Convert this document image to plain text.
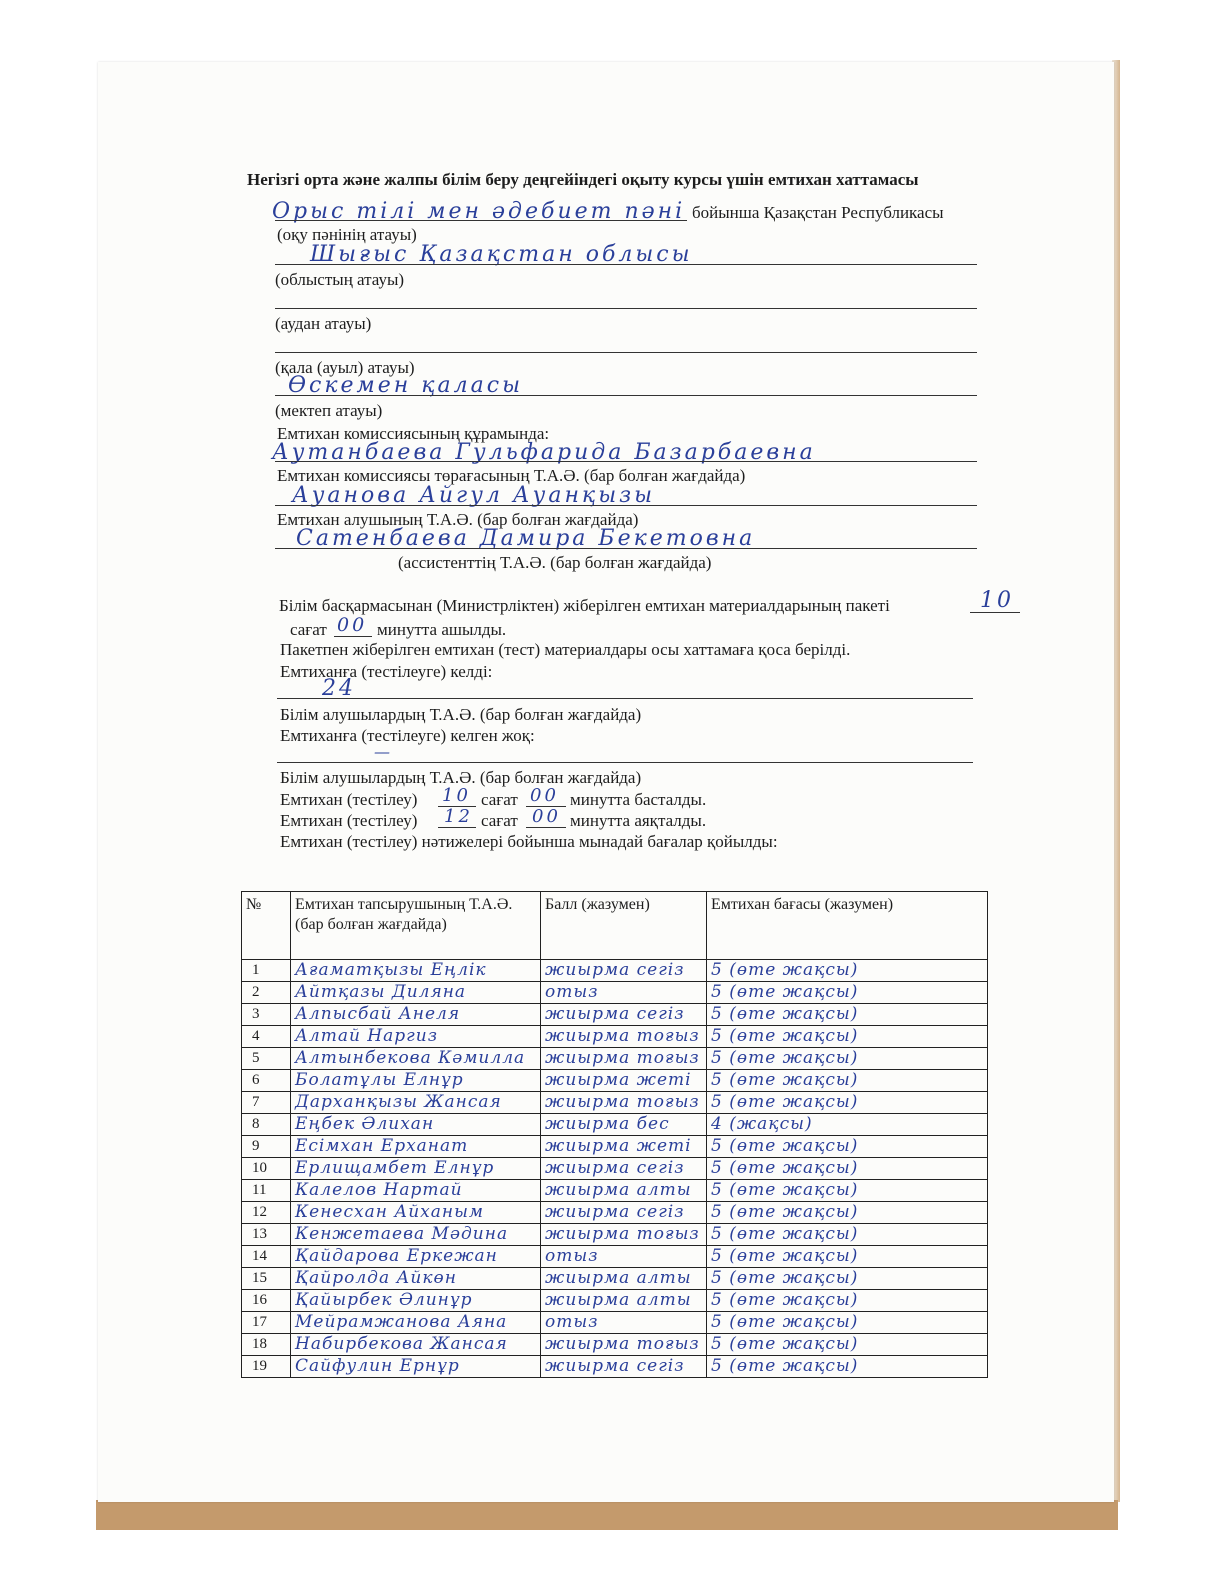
Негізгі орта және жалпы білім беру деңгейіндегі оқыту курсы үшін емтихан хаттамасы
Орыс тілі мен әдебиет пәні бойынша Қазақстан Республикасы
(оқу пәнінің атауы)
Шығыс Қазақстан облысы
(облыстың атауы)
(аудан атауы)
(қала (ауыл) атауы)
Өскемен қаласы
(мектеп атауы)
Емтихан комиссиясының құрамында:
Аутанбаева Гульфарида Базарбаевна
Емтихан комиссиясы төрағасының Т.А.Ә. (бар болған жағдайда)
Ауанова Айгул Ауанқызы
Емтихан алушының Т.А.Ә. (бар болған жағдайда)
Сатенбаева Дамира Бекетовна
(ассистенттің Т.А.Ә. (бар болған жағдайда)
Білім басқармасынан (Министрліктен) жіберілген емтихан материалдарының пакеті	10
сағат 00 минутта ашылды.
Пакетпен жіберілген емтихан (тест) материалдары осы хаттамаға қоса берілді.
Емтиханға (тестілеуге) келді:
24
Білім алушылардың Т.А.Ә. (бар болған жағдайда)
Емтиханға (тестілеуге) келген жоқ:
—
Білім алушылардың Т.А.Ә. (бар болған жағдайда)
Емтихан (тестілеу) 10 сағат 00 минутта басталды.
Емтихан (тестілеу) 12 сағат 00 минутта аяқталды.
Емтихан (тестілеу) нәтижелері бойынша мынадай бағалар қойылды:
№	Емтихан тапсырушының Т.А.Ә. (бар болған жағдайда)	Балл (жазумен)	Емтихан бағасы (жазумен)
1	Ағаматқызы Еңлік	жиырма сегіз	5 (өте жақсы)
2	Айтқазы Диляна	отыз	5 (өте жақсы)
3	Алпысбай Анеля	жиырма сегіз	5 (өте жақсы)
4	Алтай Наргиз	жиырма тоғыз	5 (өте жақсы)
5	Алтынбекова Кәмилла	жиырма тоғыз	5 (өте жақсы)
6	Болатұлы Елнұр	жиырма жеті	5 (өте жақсы)
7	Дарханқызы Жансая	жиырма тоғыз	5 (өте жақсы)
8	Еңбек Әлихан	жиырма бес	4 (жақсы)
9	Есімхан Ерханат	жиырма жеті	5 (өте жақсы)
10	Ерлищамбет Елнұр	жиырма сегіз	5 (өте жақсы)
11	Калелов Нартай	жиырма алты	5 (өте жақсы)
12	Кенесхан Айханым	жиырма сегіз	5 (өте жақсы)
13	Кенжетаева Мәдина	жиырма тоғыз	5 (өте жақсы)
14	Қайдарова Еркежан	отыз	5 (өте жақсы)
15	Қайролда Айкөн	жиырма алты	5 (өте жақсы)
16	Қайырбек Әлинұр	жиырма алты	5 (өте жақсы)
17	Мейрамжанова Аяна	отыз	5 (өте жақсы)
18	Набирбекова Жансая	жиырма тоғыз	5 (өте жақсы)
19	Сайфулин Ернұр	жиырма сегіз	5 (өте жақсы)
